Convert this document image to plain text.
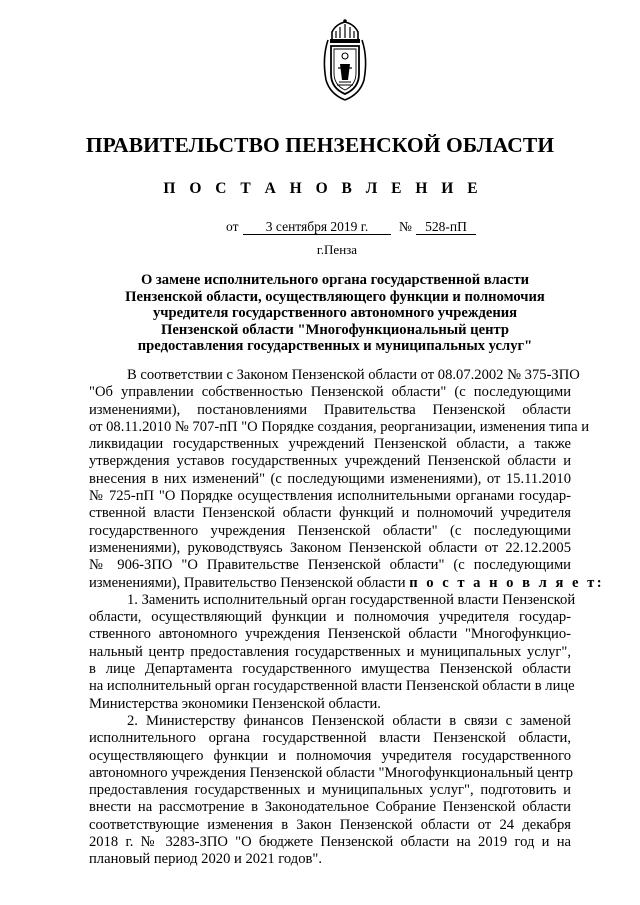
ПРАВИТЕЛЬСТВО ПЕНЗЕНСКОЙ ОБЛАСТИ
П О С Т А Н О В Л Е Н И Е
от	3 сентября 2019 г.	№ 528-пП
г.Пенза
О замене исполнительного органа государственной власти
Пензенской области, осуществляющего функции и полномочия
учредителя государственного автономного учреждения
Пензенской области "Многофункциональный центр
предоставления государственных и муниципальных услуг"
В соответствии с Законом Пензенской области от 08.07.2002 № 375-ЗПО
"Об управлении собственностью Пензенской области" (с последующими
изменениями), постановлениями Правительства Пензенской области
от 08.11.2010 № 707-пП "О Порядке создания, реорганизации, изменения типа и
ликвидации государственных учреждений Пензенской области, а также
утверждения уставов государственных учреждений Пензенской области и
внесения в них изменений" (с последующими изменениями), от 15.11.2010
№ 725-пП "О Порядке осуществления исполнительными органами государ-
ственной власти Пензенской области функций и полномочий учредителя
государственного учреждения Пензенской области" (с последующими
изменениями), руководствуясь Законом Пензенской области от 22.12.2005
№ 906-ЗПО "О Правительстве Пензенской области" (с последующими
изменениями), Правительство Пензенской области п о с т а н о в л я е т:
1. Заменить исполнительный орган государственной власти Пензенской
области, осуществляющий функции и полномочия учредителя государ-
ственного автономного учреждения Пензенской области "Многофункцио-
нальный центр предоставления государственных и муниципальных услуг",
в лице Департамента государственного имущества Пензенской области
на исполнительный орган государственной власти Пензенской области в лице
Министерства экономики Пензенской области.
2. Министерству финансов Пензенской области в связи с заменой
исполнительного органа государственной власти Пензенской области,
осуществляющего функции и полномочия учредителя государственного
автономного учреждения Пензенской области "Многофункциональный центр
предоставления государственных и муниципальных услуг", подготовить и
внести на рассмотрение в Законодательное Собрание Пензенской области
соответствующие изменения в Закон Пензенской области от 24 декабря
2018 г. № 3283-ЗПО "О бюджете Пензенской области на 2019 год и на
плановый период 2020 и 2021 годов".
